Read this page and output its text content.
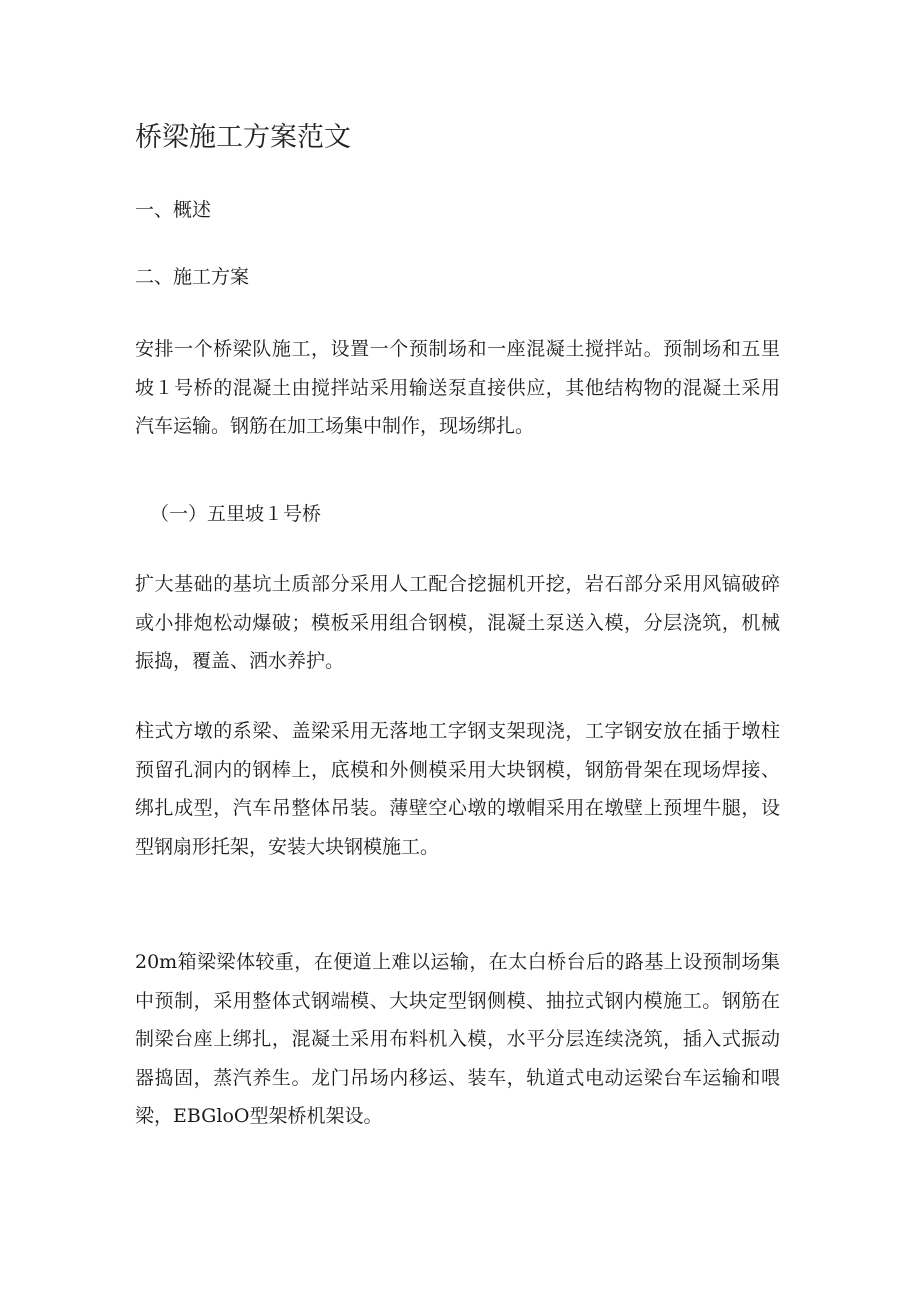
桥梁施工方案范文
一、概述
二、施工方案

安排一个桥梁队施工，设置一个预制场和一座混凝土搅拌站。预制场和五里坡１号桥的混凝土由搅拌站采用输送泵直接供应，其他结构物的混凝土采用汽车运输。钢筋在加工场集中制作，现场绑扎。

（一）五里坡１号桥

扩大基础的基坑土质部分采用人工配合挖掘机开挖，岩石部分采用风镐破碎或小排炮松动爆破；模板采用组合钢模，混凝土泵送入模，分层浇筑，机械振捣，覆盖、洒水养护。

柱式方墩的系梁、盖梁采用无落地工字钢支架现浇，工字钢安放在插于墩柱预留孔洞内的钢棒上，底模和外侧模采用大块钢模，钢筋骨架在现场焊接、绑扎成型，汽车吊整体吊装。薄壁空心墩的墩帽采用在墩壁上预埋牛腿，设型钢扇形托架，安装大块钢模施工。

20m箱梁梁体较重，在便道上难以运输，在太白桥台后的路基上设预制场集中预制，采用整体式钢端模、大块定型钢侧模、抽拉式钢内模施工。钢筋在制梁台座上绑扎，混凝土采用布料机入模，水平分层连续浇筑，插入式振动器捣固，蒸汽养生。龙门吊场内移运、装车，轨道式电动运梁台车运输和喂梁，EBGloO型架桥机架设。
